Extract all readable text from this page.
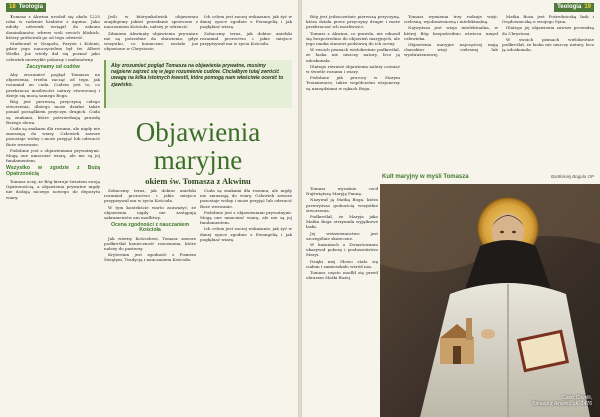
18 Teologia

Tomasz z Akwinu urodził się około 1225 roku w rodzinie hrabiów z Aquino. Jako młody człowiek wstąpił do zakonu dominikanów, wbrew woli swoich bliskich, którzy próbowali go od tego odwieść.

Studiował w Neapolu, Paryżu i Kolonii, gdzie jego nauczycielem był św. Albert Wielki. Już wtedy dał się poznać jako człowiek niezwykle pokorny i małomówny.

Zaczynamy od cudów

Aby zrozumieć pogląd Tomasza na objawienia, trzeba zacząć od tego, jak rozumiał on cuda. Cudem jest to, co przekracza możliwości natury stworzonej i dzieje się mocą samego Boga.

Bóg jest pierwszą przyczyną całego stworzenia, dlatego może działać także ponad porządkiem przyczyn drugich. Cuda są znakami, które potwierdzają prawdę Bożego słowa.

Cuda są znakami dla rozumu, ale nigdy nie zmuszają do wiary. Człowiek zawsze pozostaje wolny i może przyjąć lub odrzucić Boże wezwanie.

Podobnie jest z objawieniami prywatnymi. Mogą one umacniać wiarę, ale nie są jej fundamentem.

Wszystko w zgodzie z Bożą Opatrznością

Tomasz uczy, że Bóg kieruje światem swoją Opatrznością, a objawienia prywatne nigdy nie dodają niczego nowego do depozytu wiary.

Jeśli w którymkolwiek objawieniu znajdujemy jakieś przesłanie sprzeczne z nauczaniem Kościoła, należy je odrzucić.

Zdaniem Akwinaty objawienia prywatne nie są potrzebne do zbawienia, gdyż wszystko, co konieczne, zostało już objawione w Chrystusie.

Ich celem jest raczej wskazanie, jak żyć w danej epoce zgodnie z Ewangelią i jak pogłębiać wiarę.

Zobaczmy teraz, jak doktor anielski rozumiał proroctwo i jakie miejsce przypisywał mu w życiu Kościoła.

Aby zrozumieć pogląd Tomasza na objawienia prywatne, musimy najpierw zajrzeć się w jego rozumienie cudów. Chciałbym tutaj zwrócić uwagę na kilka istotnych kwestii, które pomogą nam właściwie ocenić to zjawisko.
Objawienia maryjne
okiem św. Tomasza z Akwinu

Zobaczmy teraz, jak doktor anielski rozumiał proroctwo i jakie miejsce przypisywał mu w życiu Kościoła.

W tym kontekście warto zauważyć, że objawienia nigdy nie zastępują sakramentów ani modlitwy.

Ocena zgodności z nauczaniem Kościoła

Jak wierny Kościołowi, Tomasz zawsze podkreślał konieczność rozeznania, które należy do pasterzy.

Kryterium jest zgodność z Pismem Świętym, Tradycją i nauczaniem Kościoła.

Cuda są znakami dla rozumu, ale nigdy nie zmuszają do wiary. Człowiek zawsze pozostaje wolny i może przyjąć lub odrzucić Boże wezwanie.

Podobnie jest z objawieniami prywatnymi. Mogą one umacniać wiarę, ale nie są jej fundamentem.

Ich celem jest raczej wskazanie, jak żyć w danej epoce zgodnie z Ewangelią i jak pogłębiać wiarę.

Teologia 19

Bóg jest jednocześnie pierwszą przyczyną, która działa przez przyczyny drugie i może przekraczać ich możliwości.

Tomasz z Akwinu, co prawda, nie odnosił się bezpośrednio do objawień maryjnych, ale jego nauka stanowi podstawę do ich oceny.

W swoich pismach wielokrotnie podkreślał, że łaska nie niszczy natury, lecz ją udoskonala.

Dlatego również objawienia należy oceniać w świetle rozumu i wiary.

Podobnie jak prorocy w Starym Testamencie, także współcześni wizjonerzy są narzędziami w rękach Boga.

Tomasz wymienia trzy rodzaje wizji: cielesną, wyobrażeniową i intelektualną.

Najwyższa jest wizja intelektualna, w której Bóg bezpośrednio oświeca umysł człowieka.

Objawienia maryjne najczęściej mają charakter wizji cielesnej lub wyobrażeniowej.

Matka Boża jest Pośredniczką łask i Orędowniczką u swojego Syna.

Dlatego jej objawienia zawsze prowadzą do Chrystusa.

W swoich pismach wielokrotnie podkreślał, że łaska nie niszczy natury, lecz ją udoskonala.

Kult maryjny w myśli Tomasza	Bartłomiej Bogula OP

Tomasz wyraźnie czcił Najświętszą Maryję Pannę.

Nazywał ją Matką Boga, która przewyższa godnością wszystkie stworzenia.

Podkreślał, że Maryja jako Matka Boga otrzymała wyjątkowe łaski.

Jej wstawiennictwo jest szczególnie skuteczne.

W kazaniach o Zwiastowaniu ukazywał pokorę i posłuszeństwo Maryi.

Dzięki niej Słowo stało się ciałem i zamieszkało wśród nas.

Tomasz często modlił się przed obrazem Matki Bożej.

Carlo Crivelli,
Tomasz z Akwinu, ok. 1476
